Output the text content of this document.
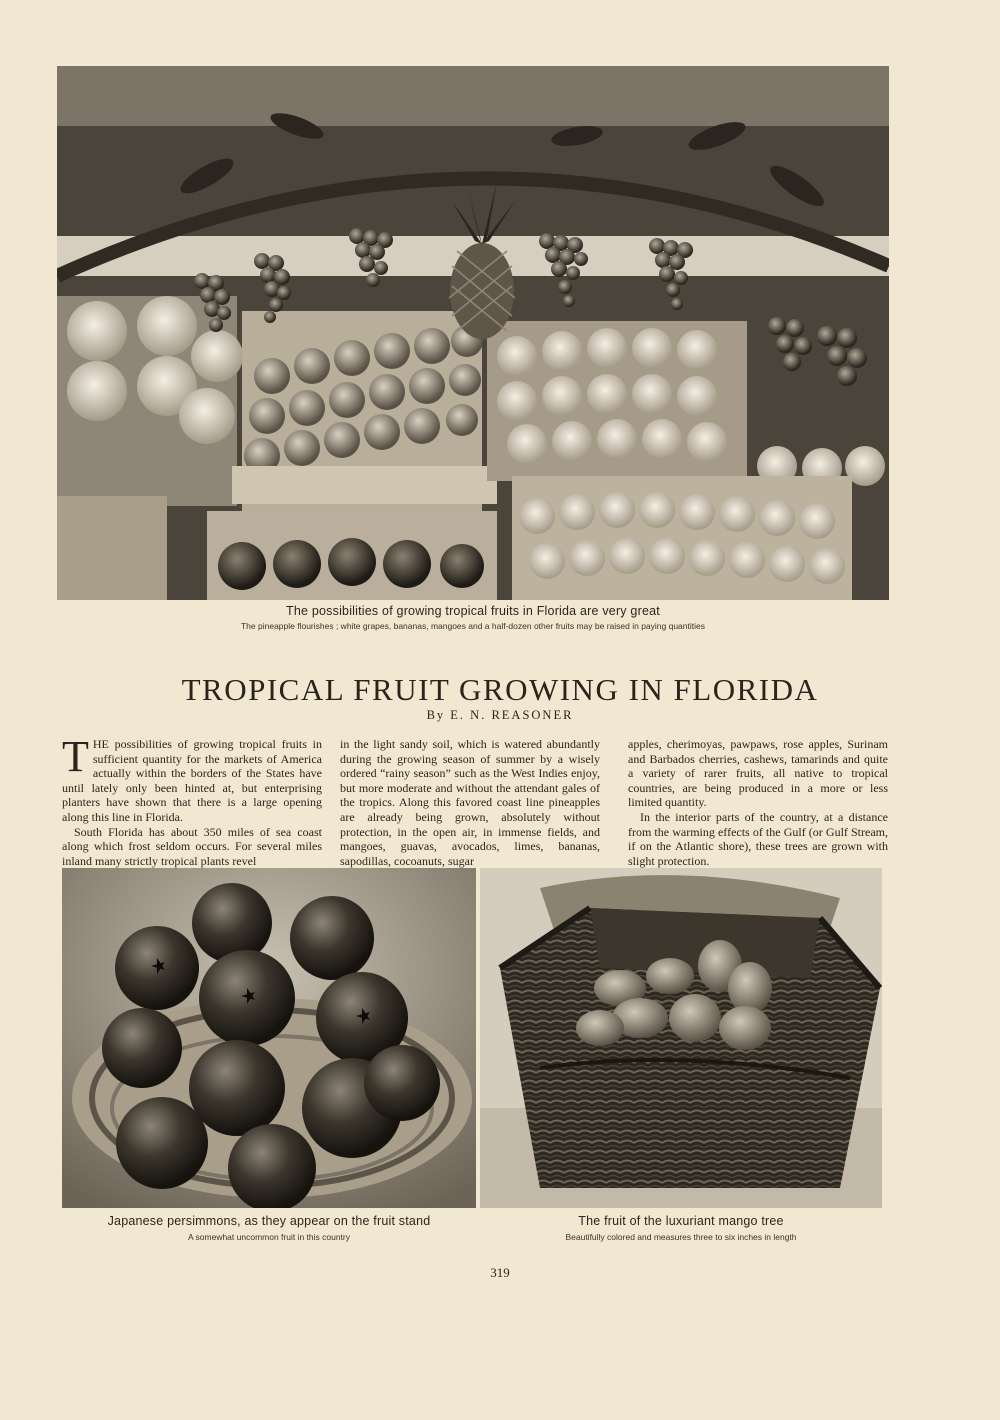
The possibilities of growing tropical fruits in Florida are very great
The pineapple flourishes ; white grapes, bananas, mangoes and a half-dozen other fruits may be raised in paying quantities
TROPICAL FRUIT GROWING IN FLORIDA
By E. N. REASONER

THE possibilities of growing tropical fruits in sufficient quantity for the markets of America actually within the borders of the States have until lately only been hinted at, but enterprising planters have shown that there is a large opening along this line in Florida.

South Florida has about 350 miles of sea coast along which frost seldom occurs. For several miles inland many strictly tropical plants revel

in the light sandy soil, which is watered abundantly during the growing season of summer by a wisely ordered “rainy season” such as the West Indies enjoy, but more moderate and without the attendant gales of the tropics. Along this favored coast line pineapples are already being grown, absolutely without protection, in the open air, in immense fields, and mangoes, guavas, avocados, limes, bananas, sapodillas, cocoanuts, sugar

apples, cherimoyas, pawpaws, rose apples, Surinam and Barbados cherries, cashews, tamarinds and quite a variety of rarer fruits, all native to tropical countries, are being produced in a more or less limited quantity.

In the interior parts of the country, at a distance from the warming effects of the Gulf (or Gulf Stream, if on the Atlantic shore), these trees are grown with slight protection.

Japanese persimmons, as they appear on the fruit stand
A somewhat uncommon fruit in this country
The fruit of the luxuriant mango tree
Beautifully colored and measures three to six inches in length
319
